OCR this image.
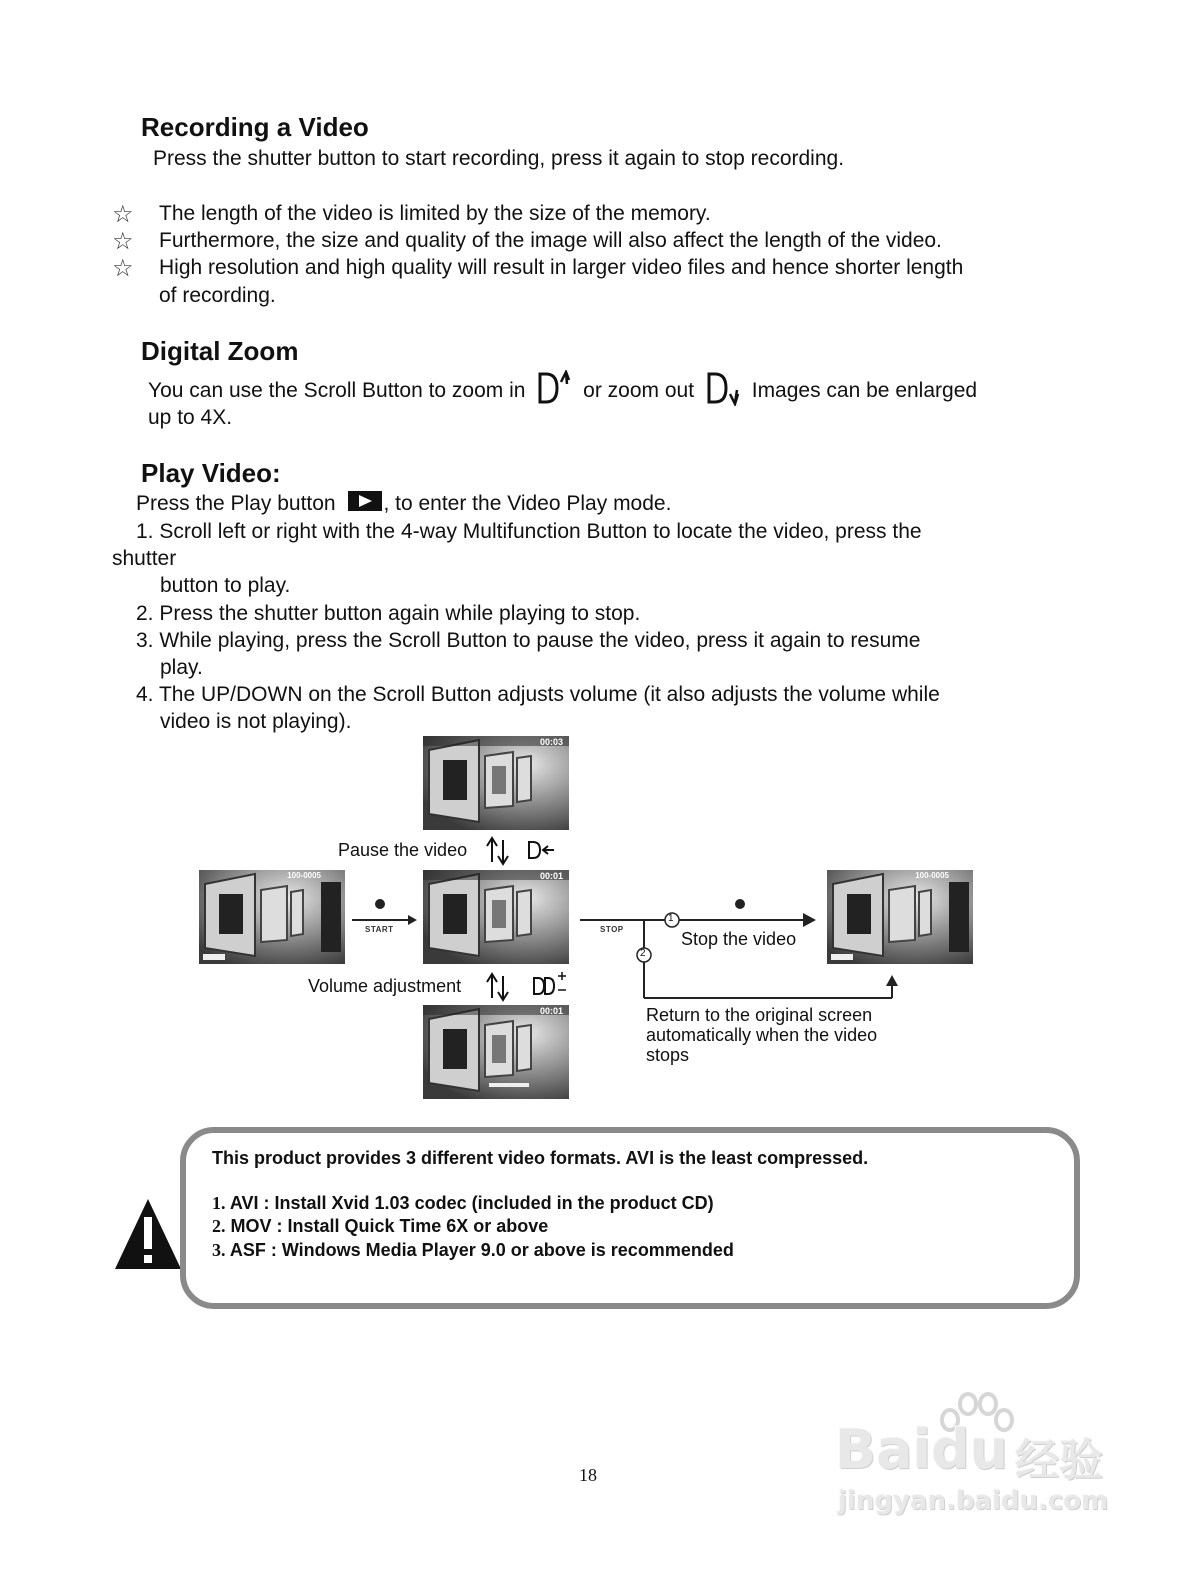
Recording a Video
Press the shutter button to start recording, press it again to stop recording.
☆ The length of the video is limited by the size of the memory.
☆ Furthermore, the size and quality of the image will also affect the length of the video.
☆ High resolution and high quality will result in larger video files and hence shorter length
of recording.
Digital Zoom
You can use the Scroll Button to zoom in	or zoom out	Images can be enlarged
up to 4X.
Play Video:
Press the Play button , to enter the Video Play mode.
1. Scroll left or right with the 4-way Multifunction Button to locate the video, press the
shutter
button to play.
2. Press the shutter button again while playing to stop.
3. While playing, press the Scroll Button to pause the video, press it again to resume
play.
4. The UP/DOWN on the Scroll Button adjusts volume (it also adjusts the volume while
video is not playing).
00:03
00:01
00:01
100-0005	100-0005
START	STOP
1
2
Pause the video
Volume adjustment
Stop the video
Return to the original screen
automatically when the video
stops
This product provides 3 different video formats. AVI is the least compressed.
1. AVI : Install Xvid 1.03 codec (included in the product CD)
2. MOV : Install Quick Time 6X or above
3. ASF : Windows Media Player 9.0 or above is recommended
18	Baidu 经验
jingyan.baidu.com
